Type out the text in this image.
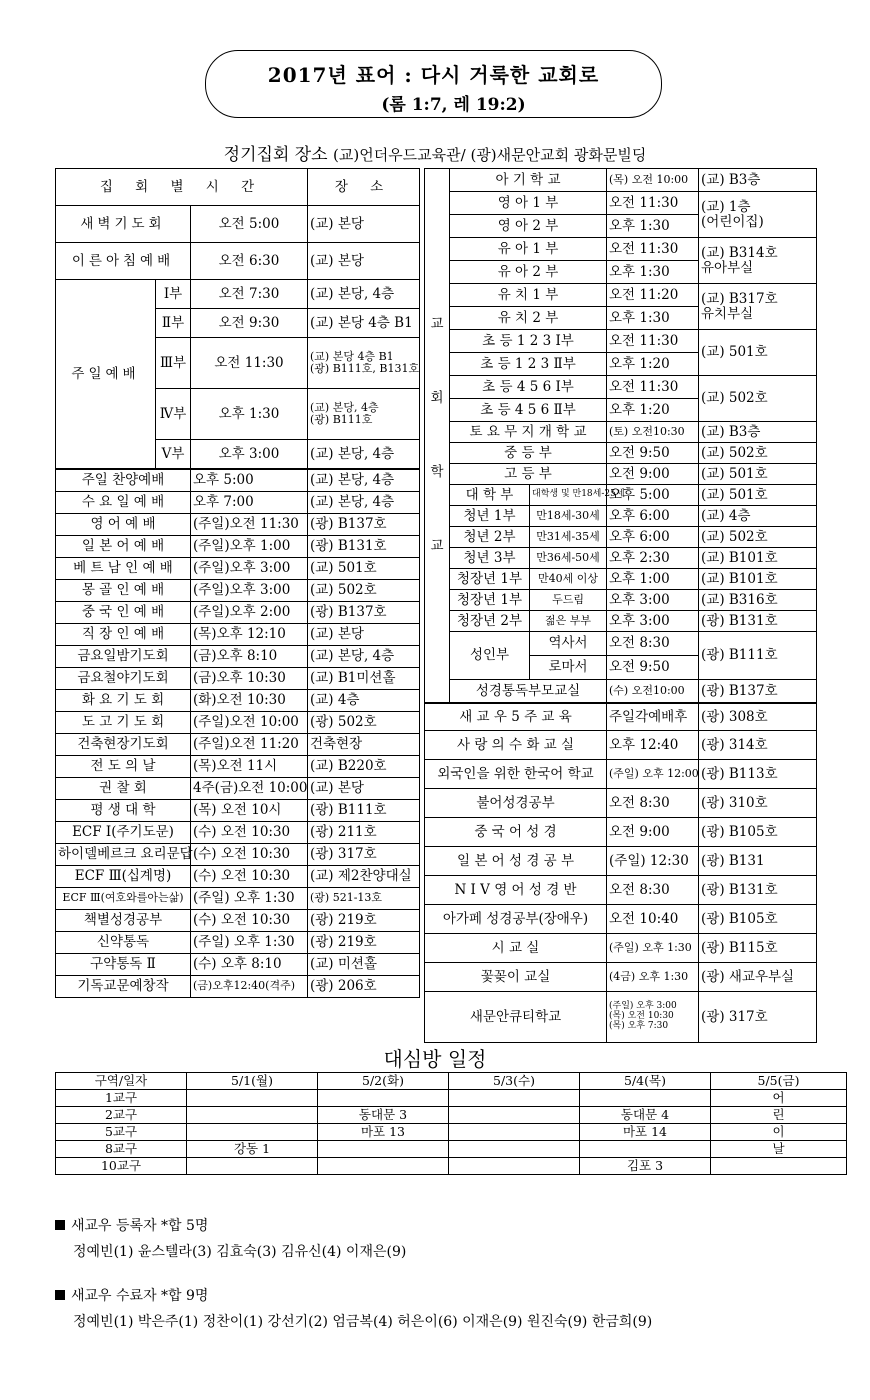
2017년 표어 : 다시 거룩한 교회로
(롬 1:7, 레 19:2)
정기집회 장소 (교)언더우드교육관/ (광)새문안교회 광화문빌딩
집 회 별 시 간			장 소
새벽기도회		오전 5:00	(교) 본당
이른아침예배		오전 6:30	(교) 본당
주일예배	Ⅰ부	오전 7:30	(교) 본당, 4층
	Ⅱ부	오전 9:30	(교) 본당 4층 B1
	Ⅲ부	오전 11:30	(교) 본당 4층 B1
(광) B111호, B131호
	Ⅳ부	오후 1:30	(교) 본당, 4층
(광) B111호
	Ⅴ부	오후 3:00	(교) 본당, 4층
주일 찬양예배		오후 5:00	(교) 본당, 4층
수 요 일 예 배		오후 7:00	(교) 본당, 4층
영 어 예 배		(주일)오전 11:30	(광) B137호
일 본 어 예 배		(주일)오후 1:00	(광) B131호
베 트 남 인 예 배		(주일)오후 3:00	(교) 501호
몽 골 인 예 배		(주일)오후 3:00	(교) 502호
중 국 인 예 배		(주일)오후 2:00	(광) B137호
직 장 인 예 배		(목)오후 12:10	(교) 본당
금요일밤기도회		(금)오후 8:10	(교) 본당, 4층
금요철야기도회		(금)오후 10:30	(교) B1미션홀
화 요 기 도 회		(화)오전 10:30	(교) 4층
도 고 기 도 회		(주일)오전 10:00	(광) 502호
건축현장기도회		(주일)오전 11:20	건축현장
전 도 의 날		(목)오전 11시	(교) B220호
권 찰 회		4주(금)오전 10:00	(교) 본당
평 생 대 학		(목) 오전 10시	(광) B111호
ECF Ⅰ(주기도문)		(수) 오전 10:30	(광) 211호
하이델베르크 요리문답		(수) 오전 10:30	(광) 317호
ECF Ⅲ(십계명)		(수) 오전 10:30	(교) 제2찬양대실
ECF Ⅲ(여호와를아는삶)		(주일) 오후 1:30	(광) 521-13호
책별성경공부		(수) 오전 10:30	(광) 219호
신약통독		(주일) 오후 1:30	(광) 219호
구약통독 Ⅱ		(수) 오후 8:10	(교) 미션홀
기독교문예창작		(금)오후12:40(격주)	(광) 206호
교

회

학

교	아 기 학 교		(목) 오전 10:00	(교) B3층
	영 아 1 부		오전 11:30	(교) 1층
(어린이집)
	영 아 2 부		오후 1:30	
	유 아 1 부		오전 11:30	(교) B314호
유아부실
	유 아 2 부		오후 1:30	
	유 치 1 부		오전 11:20	(교) B317호
유치부실
	유 치 2 부		오후 1:30	
	초 등 1 2 3 Ⅰ부		오전 11:30	(교) 501호
	초 등 1 2 3 Ⅱ부		오후 1:20	
	초 등 4 5 6 Ⅰ부		오전 11:30	(교) 502호
	초 등 4 5 6 Ⅱ부		오후 1:20	
	토 요 무 지 개 학 교		(토) 오전10:30	(교) B3층
	중 등 부		오전 9:50	(교) 502호
	고 등 부		오전 9:00	(교) 501호
	대 학 부	대학생 및 만18세-25세	오후 5:00	(교) 501호
	청년 1부	만18세-30세	오후 6:00	(교) 4층
	청년 2부	만31세-35세	오후 6:00	(교) 502호
	청년 3부	만36세-50세	오후 2:30	(교) B101호
	청장년 1부	만40세 이상	오후 1:00	(교) B101호
	청장년 1부	두드림	오후 3:00	(교) B316호
	청장년 2부	젊은 부부	오후 3:00	(광) B131호
	성인부	역사서	오전 8:30	(광) B111호
		로마서	오전 9:50	
	성경통독부모교실		(수) 오전10:00	(광) B137호
새 교 우 5 주 교 육			주일각예배후	(광) 308호
사 랑 의 수 화 교 실			오후 12:40	(광) 314호
외국인을 위한 한국어 학교			(주일) 오후 12:00	(광) B113호
불어성경공부			오전 8:30	(광) 310호
중 국 어 성 경			오전 9:00	(광) B105호
일 본 어 성 경 공 부			(주일) 12:30	(광) B131
N I V 영 어 성 경 반			오전 8:30	(광) B131호
아가페 성경공부(장애우)			오전 10:40	(광) B105호
시 교 실			(주일) 오후 1:30	(광) B115호
꽃꽂이 교실			(4금) 오후 1:30	(광) 새교우부실
새문안큐티학교			(주일) 오후 3:00
(목) 오전 10:30
(목) 오후 7:30	(광) 317호
대심방 일정
구역/일자	5/1(월)	5/2(화)	5/3(수)	5/4(목)	5/5(금)
1교구					어
2교구		동대문 3		동대문 4	린
5교구		마포 13		마포 14	이
8교구	강동 1				날
10교구				김포 3	
새교우 등록자 *합 5명
정예빈(1) 윤스텔라(3) 김효숙(3) 김유신(4) 이재은(9)
새교우 수료자 *합 9명
정예빈(1) 박은주(1) 정찬이(1) 강선기(2) 엄금복(4) 허은이(6) 이재은(9) 원진숙(9) 한금희(9)
